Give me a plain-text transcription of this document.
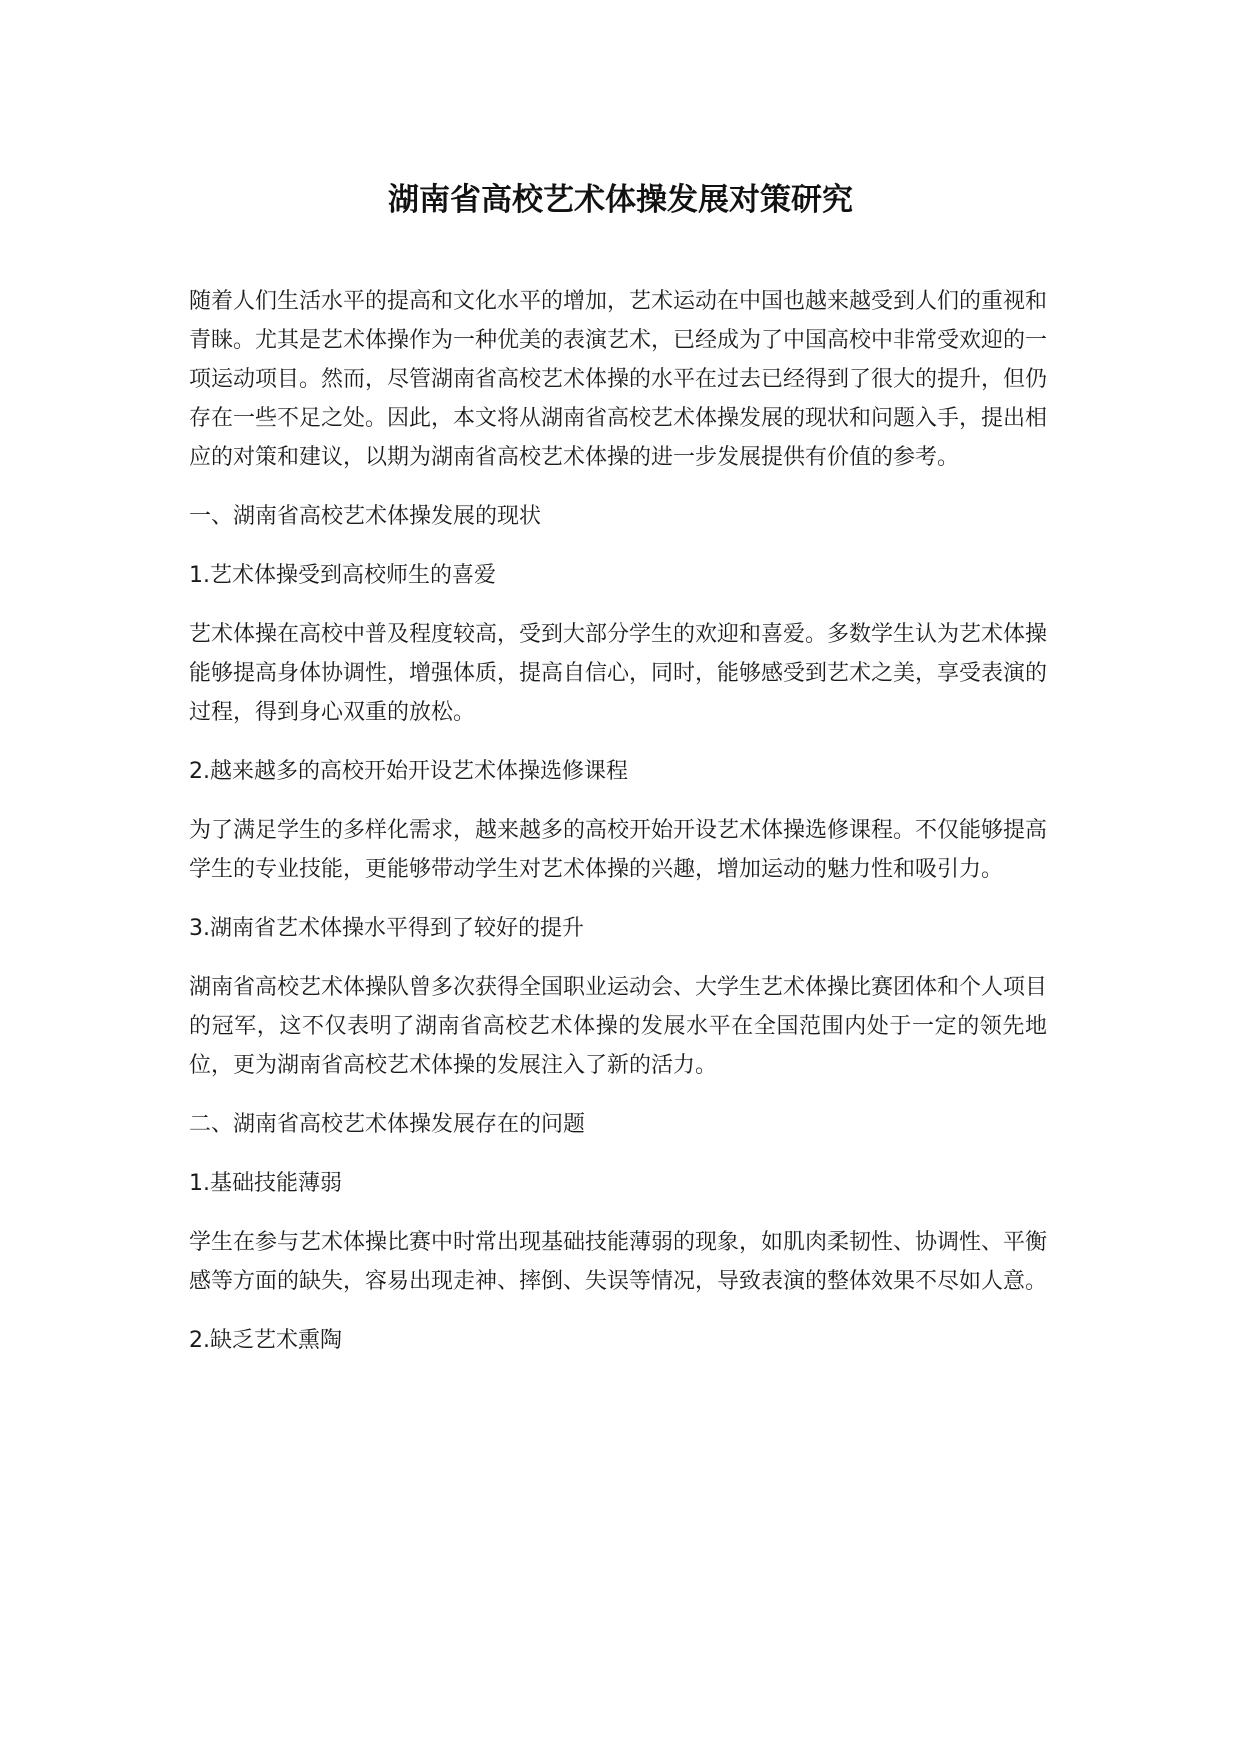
湖南省高校艺术体操发展对策研究

随着人们生活水平的提高和文化水平的增加，艺术运动在中国也越来越受到人们的重视和青睐。尤其是艺术体操作为一种优美的表演艺术，已经成为了中国高校中非常受欢迎的一项运动项目。然而，尽管湖南省高校艺术体操的水平在过去已经得到了很大的提升，但仍存在一些不足之处。因此，本文将从湖南省高校艺术体操发展的现状和问题入手，提出相应的对策和建议，以期为湖南省高校艺术体操的进一步发展提供有价值的参考。

一、湖南省高校艺术体操发展的现状
1.艺术体操受到高校师生的喜爱

艺术体操在高校中普及程度较高，受到大部分学生的欢迎和喜爱。多数学生认为艺术体操能够提高身体协调性，增强体质，提高自信心，同时，能够感受到艺术之美，享受表演的过程，得到身心双重的放松。

2.越来越多的高校开始开设艺术体操选修课程

为了满足学生的多样化需求，越来越多的高校开始开设艺术体操选修课程。不仅能够提高学生的专业技能，更能够带动学生对艺术体操的兴趣，增加运动的魅力性和吸引力。

3.湖南省艺术体操水平得到了较好的提升

湖南省高校艺术体操队曾多次获得全国职业运动会、大学生艺术体操比赛团体和个人项目的冠军，这不仅表明了湖南省高校艺术体操的发展水平在全国范围内处于一定的领先地位，更为湖南省高校艺术体操的发展注入了新的活力。

二、湖南省高校艺术体操发展存在的问题
1.基础技能薄弱

学生在参与艺术体操比赛中时常出现基础技能薄弱的现象，如肌肉柔韧性、协调性、平衡感等方面的缺失，容易出现走神、摔倒、失误等情况，导致表演的整体效果不尽如人意。

2.缺乏艺术熏陶
